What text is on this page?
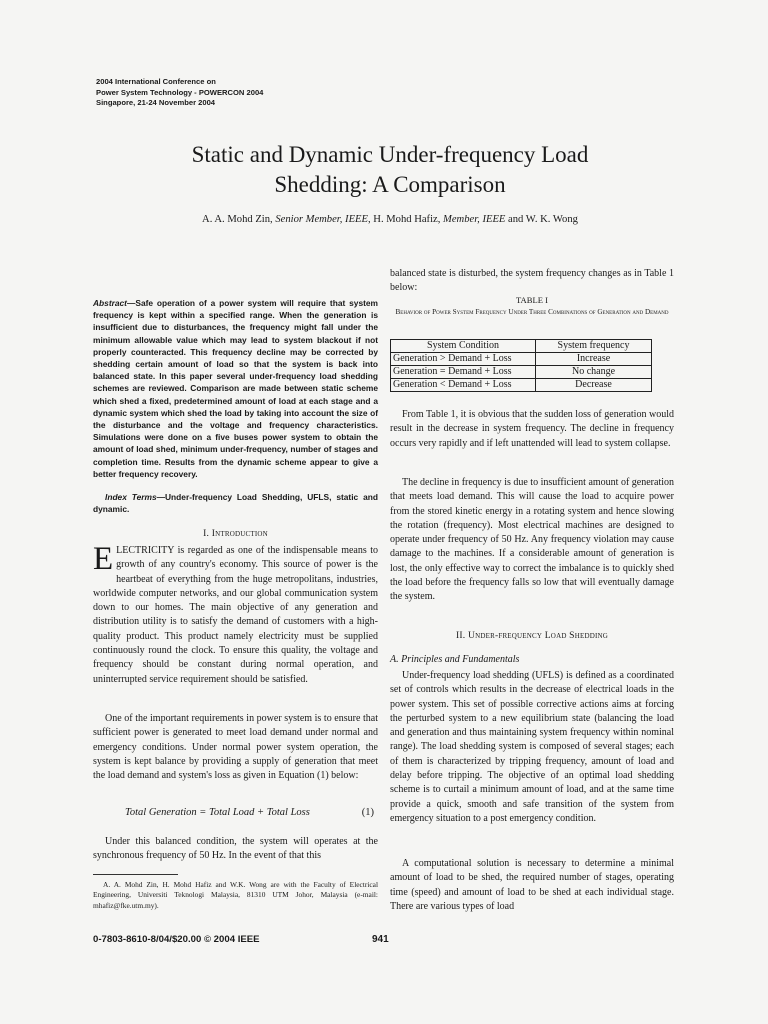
2004 International Conference on
Power System Technology - POWERCON 2004
Singapore, 21-24 November 2004
Static and Dynamic Under-frequency Load
Shedding: A Comparison
A. A. Mohd Zin, Senior Member, IEEE, H. Mohd Hafiz, Member, IEEE and W. K. Wong
Abstract—Safe operation of a power system will require that system frequency is kept within a specified range. When the generation is insufficient due to disturbances, the frequency might fall under the minimum allowable value which may lead to system blackout if not properly counteracted. This frequency decline may be corrected by shedding certain amount of load so that the system is back into balanced state. In this paper several under-frequency load shedding schemes are reviewed. Comparison are made between static scheme which shed a fixed, predetermined amount of load at each stage and a dynamic system which shed the load by taking into account the size of the disturbance and the voltage and frequency characteristics. Simulations were done on a five buses power system to obtain the amount of load shed, minimum under-frequency, number of stages and completion time. Results from the dynamic scheme appear to give a better frequency recovery.
Index Terms—Under-frequency Load Shedding, UFLS, static and dynamic.
I. Introduction
ELECTRICITY is regarded as one of the indispensable means to growth of any country's economy. This source of power is the heartbeat of everything from the huge metropolitans, industries, worldwide computer networks, and our global communication system down to our homes. The main objective of any generation and distribution utility is to satisfy the demand of customers with a high-quality product. This product namely electricity must be supplied continuously round the clock. To ensure this quality, the voltage and frequency should be constant during normal operation, and uninterrupted service requirement should be satisfied.
One of the important requirements in power system is to ensure that sufficient power is generated to meet load demand under normal and emergency conditions. Under normal power system operation, the system is kept balance by providing a supply of generation that meet the load demand and system's loss as given in Equation (1) below:
Total Generation = Total Load + Total Loss	(1)
Under this balanced condition, the system will operates at the synchronous frequency of 50 Hz. In the event of that this
A. A. Mohd Zin, H. Mohd Hafiz and W.K. Wong are with the Faculty of Electrical Engineering, Universiti Teknologi Malaysia, 81310 UTM Johor, Malaysia (e-mail: mhafiz@fke.utm.my).
balanced state is disturbed, the system frequency changes as in Table 1 below:
TABLE I
Behavior of Power System Frequency Under Three Combinations of Generation and Demand
System Condition	System frequency
Generation > Demand + Loss	Increase
Generation = Demand + Loss	No change
Generation < Demand + Loss	Decrease
From Table 1, it is obvious that the sudden loss of generation would result in the decrease in system frequency. The decline in frequency occurs very rapidly and if left unattended will lead to system collapse.
The decline in frequency is due to insufficient amount of generation that meets load demand. This will cause the load to acquire power from the stored kinetic energy in a rotating system and hence slowing the rotation (frequency). Most electrical machines are designed to operate under frequency of 50 Hz. Any frequency violation may cause damage to the machines. If a considerable amount of generation is lost, the only effective way to correct the imbalance is to quickly shed the load before the frequency falls so low that will eventually damage the system.
II. Under-frequency Load Shedding
A. Principles and Fundamentals
Under-frequency load shedding (UFLS) is defined as a coordinated set of controls which results in the decrease of electrical loads in the power system. This set of possible corrective actions aims at forcing the perturbed system to a new equilibrium state (balancing the load and generation and thus maintaining system frequency within nominal range). The load shedding system is composed of several stages; each of them is characterized by tripping frequency, amount of load and delay before tripping. The objective of an optimal load shedding scheme is to curtail a minimum amount of load, and at the same time provide a quick, smooth and safe transition of the system from emergency situation to a post emergency condition.
A computational solution is necessary to determine a minimal amount of load to be shed, the required number of stages, operating time (speed) and amount of load to be shed at each individual stage. There are various types of load
0-7803-8610-8/04/$20.00 © 2004 IEEE	941
